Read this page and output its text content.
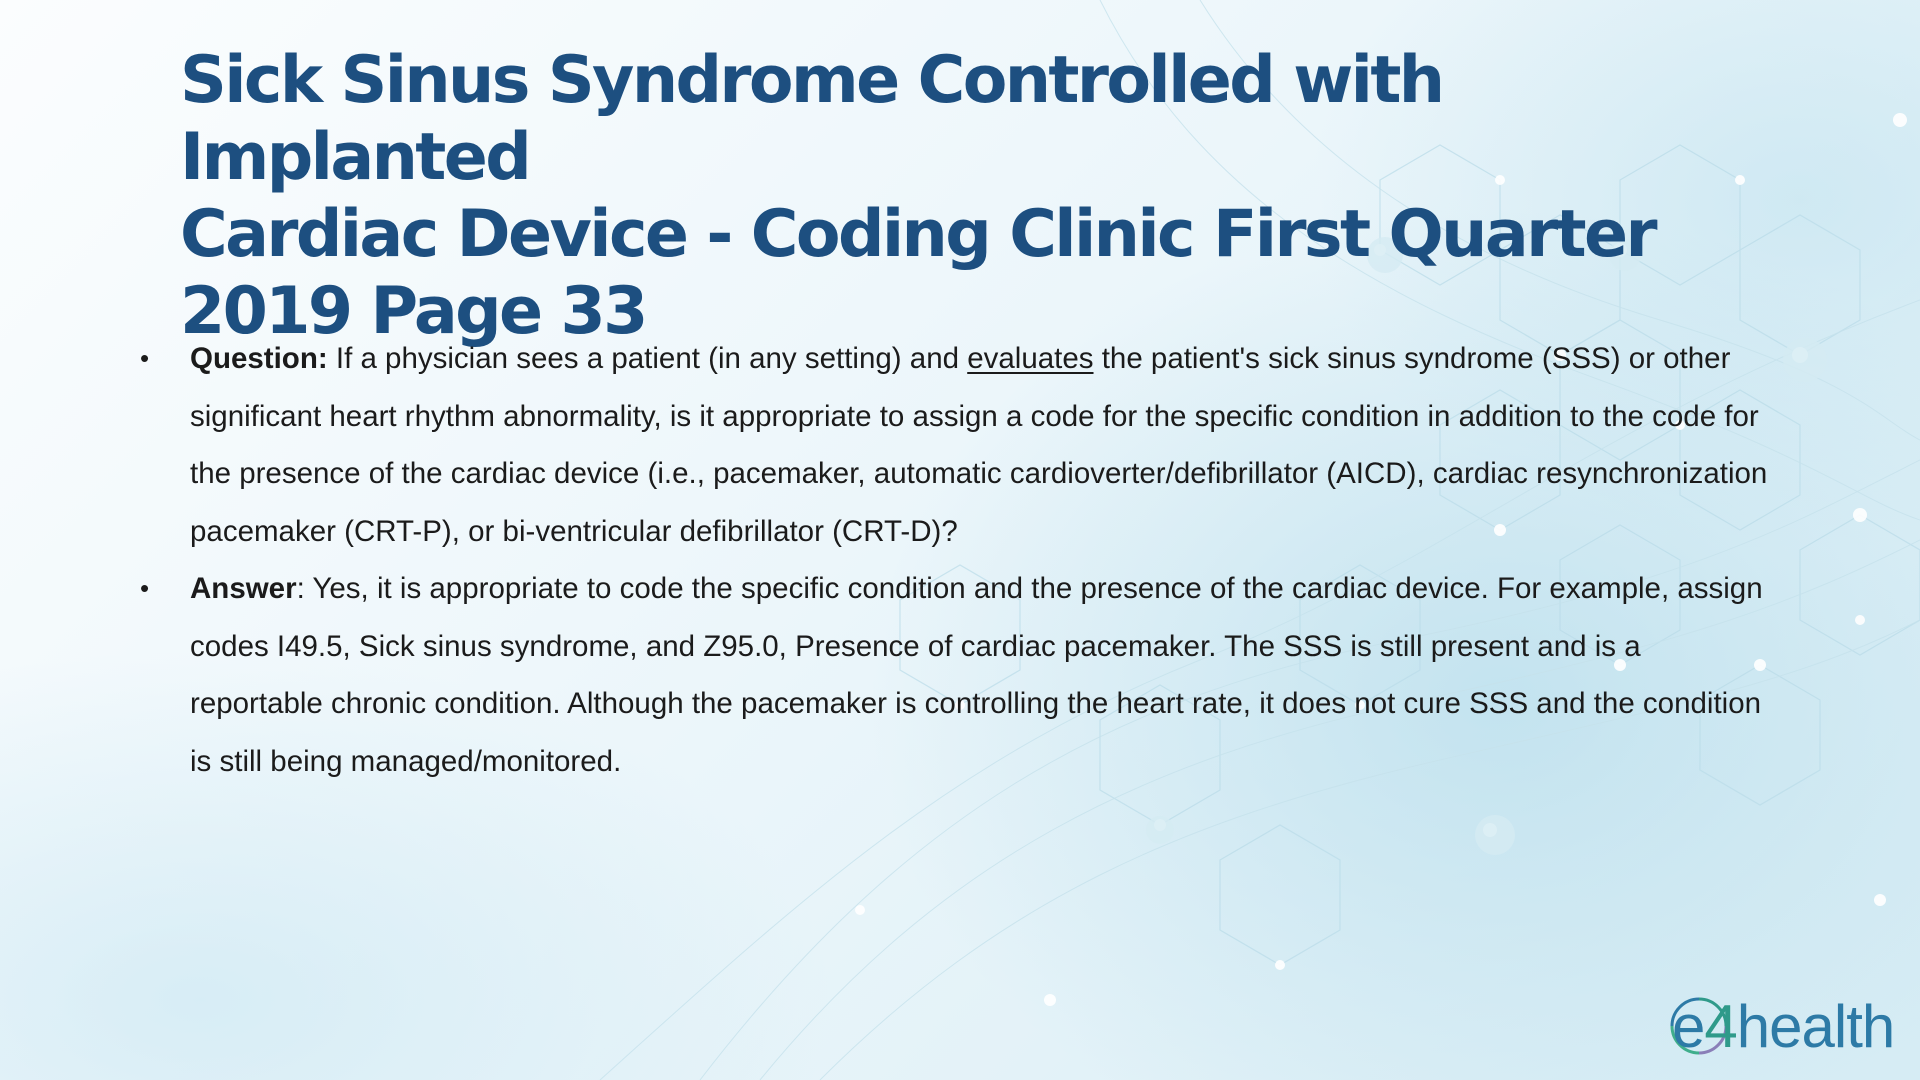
Sick Sinus Syndrome Controlled with Implanted
Cardiac Device - Coding Clinic First Quarter
2019 Page 33
• Question: If a physician sees a patient (in any setting) and evaluates the patient's sick sinus syndrome (SSS) or other significant heart rhythm abnormality, is it appropriate to assign a code for the specific condition in addition to the code for the presence of the cardiac device (i.e., pacemaker, automatic cardioverter/defibrillator (AICD), cardiac resynchronization pacemaker (CRT-P), or bi-ventricular defibrillator (CRT-D)?
• Answer: Yes, it is appropriate to code the specific condition and the presence of the cardiac device. For example, assign codes I49.5, Sick sinus syndrome, and Z95.0, Presence of cardiac pacemaker. The SSS is still present and is a reportable chronic condition. Although the pacemaker is controlling the heart rate, it does not cure SSS and the condition is still being managed/monitored.
e4health
